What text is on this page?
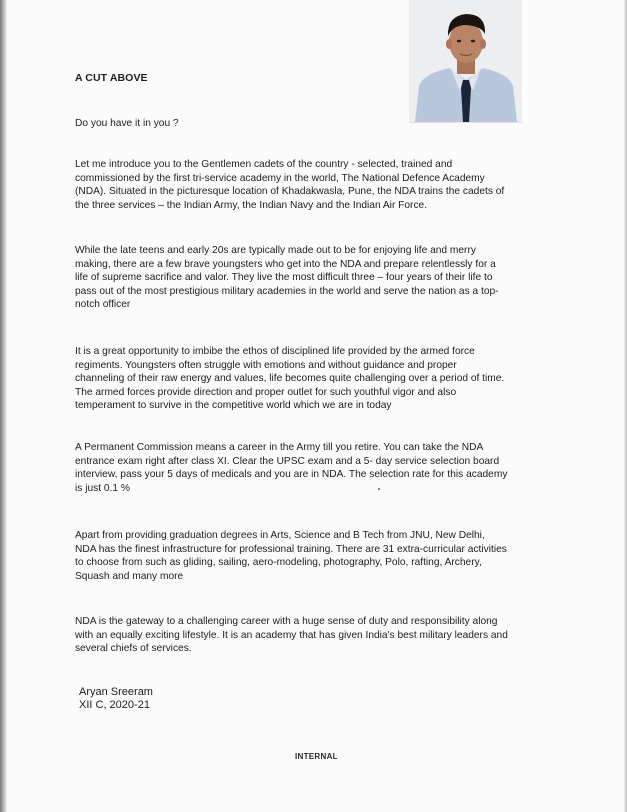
A CUT ABOVE

Do you have it in you ?

Let me introduce you to the Gentlemen cadets of the country - selected, trained and
commissioned by the first tri-service academy in the world, The National Defence Academy
(NDA). Situated in the picturesque location of Khadakwasla, Pune, the NDA trains the cadets of
the three services – the Indian Army, the Indian Navy and the Indian Air Force.

While the late teens and early 20s are typically made out to be for enjoying life and merry
making, there are a few brave youngsters who get into the NDA and prepare relentlessly for a
life of supreme sacrifice and valor. They live the most difficult three – four years of their life to
pass out of the most prestigious military academies in the world and serve the nation as a top-
notch officer

It is a great opportunity to imbibe the ethos of disciplined life provided by the armed force
regiments. Youngsters often struggle with emotions and without guidance and proper
channeling of their raw energy and values, life becomes quite challenging over a period of time.
The armed forces provide direction and proper outlet for such youthful vigor and also
temperament to survive in the competitive world which we are in today

A Permanent Commission means a career in the Army till you retire. You can take the NDA
entrance exam right after class XI. Clear the UPSC exam and a 5- day service selection board
interview, pass your 5 days of medicals and you are in NDA. The selection rate for this academy
is just 0.1 %

Apart from providing graduation degrees in Arts, Science and B Tech from JNU, New Delhi,
NDA has the finest infrastructure for professional training. There are 31 extra-curricular activities
to choose from such as gliding, sailing, aero-modeling, photography, Polo, rafting, Archery,
Squash and many more

NDA is the gateway to a challenging career with a huge sense of duty and responsibility along
with an equally exciting lifestyle. It is an academy that has given India's best military leaders and
several chiefs of services.

Aryan Sreeram
XII C, 2020-21
INTERNAL
